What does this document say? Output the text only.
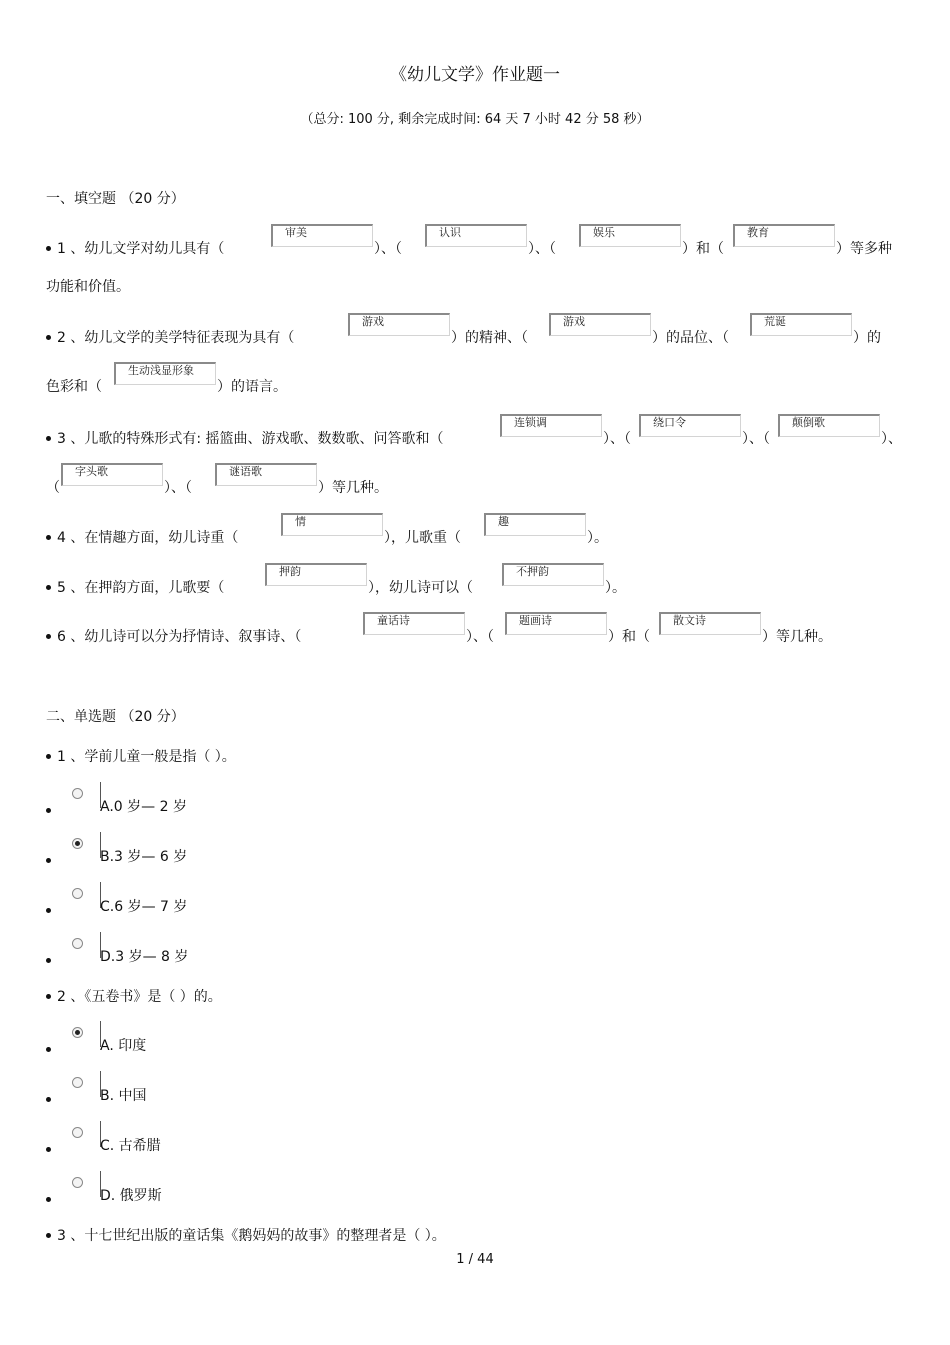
《幼儿文学》作业题一
（总分: 100 分, 剩余完成时间: 64 天 7 小时 42 分 58 秒）
一、填空题 （20 分）
1 、幼儿文学对幼儿具有（审美）、（认识）、（娱乐）和（教育）等多种
功能和价值。
2 、幼儿文学的美学特征表现为具有（游戏）的精神、（游戏）的品位、（荒诞）的
色彩和（生动浅显形象）的语言。
3 、儿歌的特殊形式有: 摇篮曲、游戏歌、数数歌、问答歌和（连锁调）、（绕口令）、（颠倒歌）、
（字头歌）、（谜语歌）等几种。
4 、在情趣方面，幼儿诗重（情），儿歌重（趣）。
5 、在押韵方面，儿歌要（押韵），幼儿诗可以（不押韵）。
6 、幼儿诗可以分为抒情诗、叙事诗、（童话诗）、（题画诗）和（散文诗）等几种。
二、单选题 （20 分）
1 、学前儿童一般是指（ ）。
A.0 岁— 2 岁
B.3 岁— 6 岁
C.6 岁— 7 岁
D.3 岁— 8 岁
2 、《五卷书》是（ ）的。
A. 印度
B. 中国
C. 古希腊
D. 俄罗斯
3 、十七世纪出版的童话集《鹅妈妈的故事》的整理者是（ ）。
1 / 44
